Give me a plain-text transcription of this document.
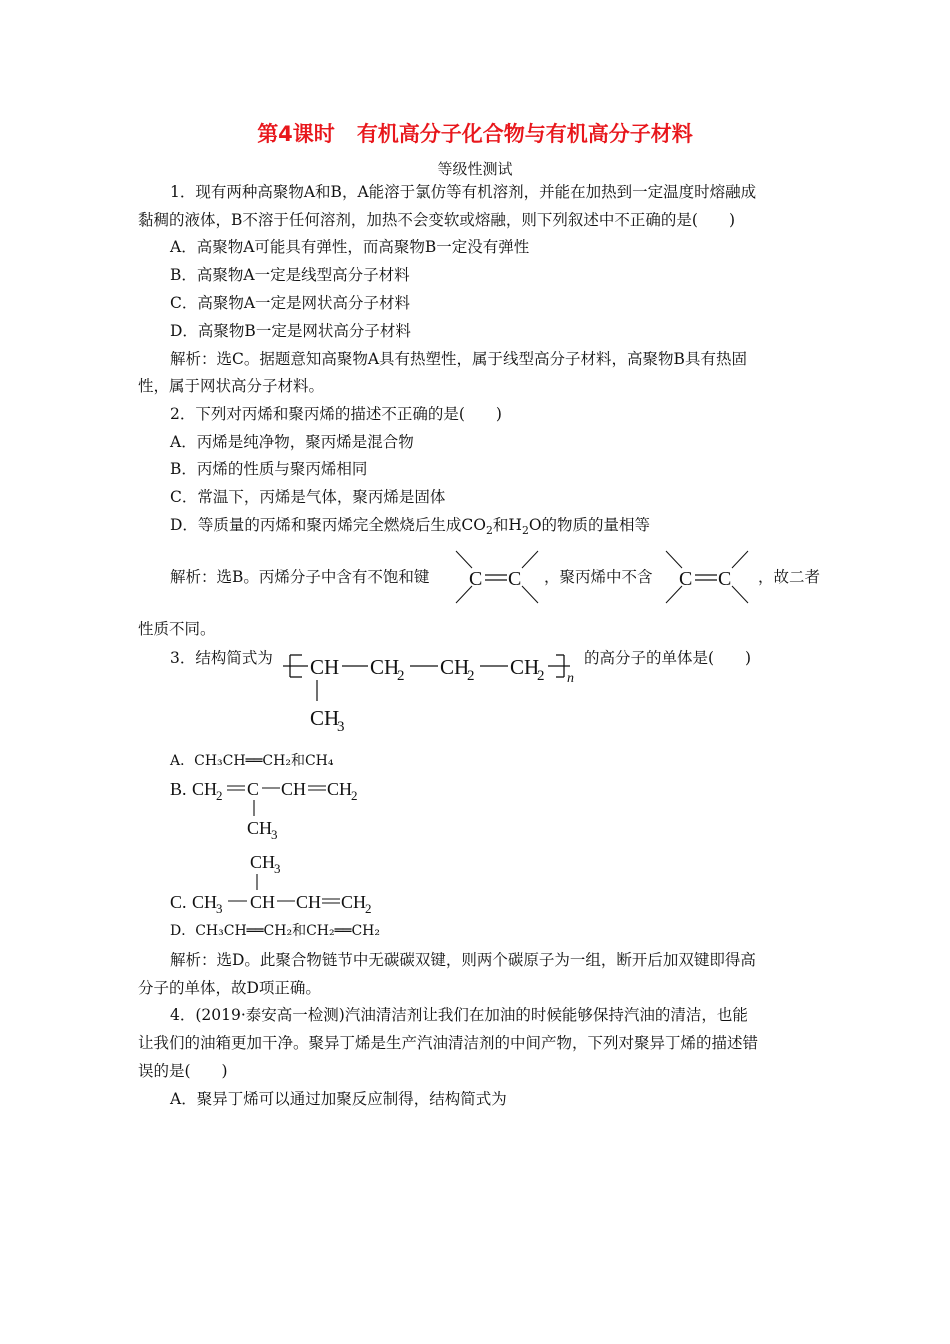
第4课时 有机高分子化合物与有机高分子材料
等级性测试
1．现有两种高聚物A和B，A能溶于氯仿等有机溶剂，并能在加热到一定温度时熔融成
黏稠的液体，B不溶于任何溶剂，加热不会变软或熔融，则下列叙述中不正确的是(　　)
A．高聚物A可能具有弹性，而高聚物B一定没有弹性
B．高聚物A一定是线型高分子材料
C．高聚物A一定是网状高分子材料
D．高聚物B一定是网状高分子材料
解析：选C。据题意知高聚物A具有热塑性，属于线型高分子材料，高聚物B具有热固
性，属于网状高分子材料。
2．下列对丙烯和聚丙烯的描述不正确的是(　　)
A．丙烯是纯净物，聚丙烯是混合物
B．丙烯的性质与聚丙烯相同
C．常温下，丙烯是气体，聚丙烯是固体
D．等质量的丙烯和聚丙烯完全燃烧后生成$CO_2$和$H_2O$的物质的量相等
解析：选B。丙烯分子中含有不饱和键 C C ，聚丙烯中不含 C C ，故二者
性质不同。
3．结构简式为 CH CH
2 CH
2 CH
2 n
CH
3
的高分子的单体是(　　)
A．CH₃CH══CH₂和CH₄
B. CH
2 C CH CH
2
CH
3
CH
3
C. CH
3 CH CH CH
2
D．CH₃CH══CH₂和CH₂══CH₂
解析：选D。此聚合物链节中无碳碳双键，则两个碳原子为一组，断开后加双键即得高
分子的单体，故D项正确。
4．(2019·泰安高一检测)汽油清洁剂让我们在加油的时候能够保持汽油的清洁，也能
让我们的油箱更加干净。聚异丁烯是生产汽油清洁剂的中间产物，下列对聚异丁烯的描述错
误的是(　　)
A．聚异丁烯可以通过加聚反应制得，结构简式为
